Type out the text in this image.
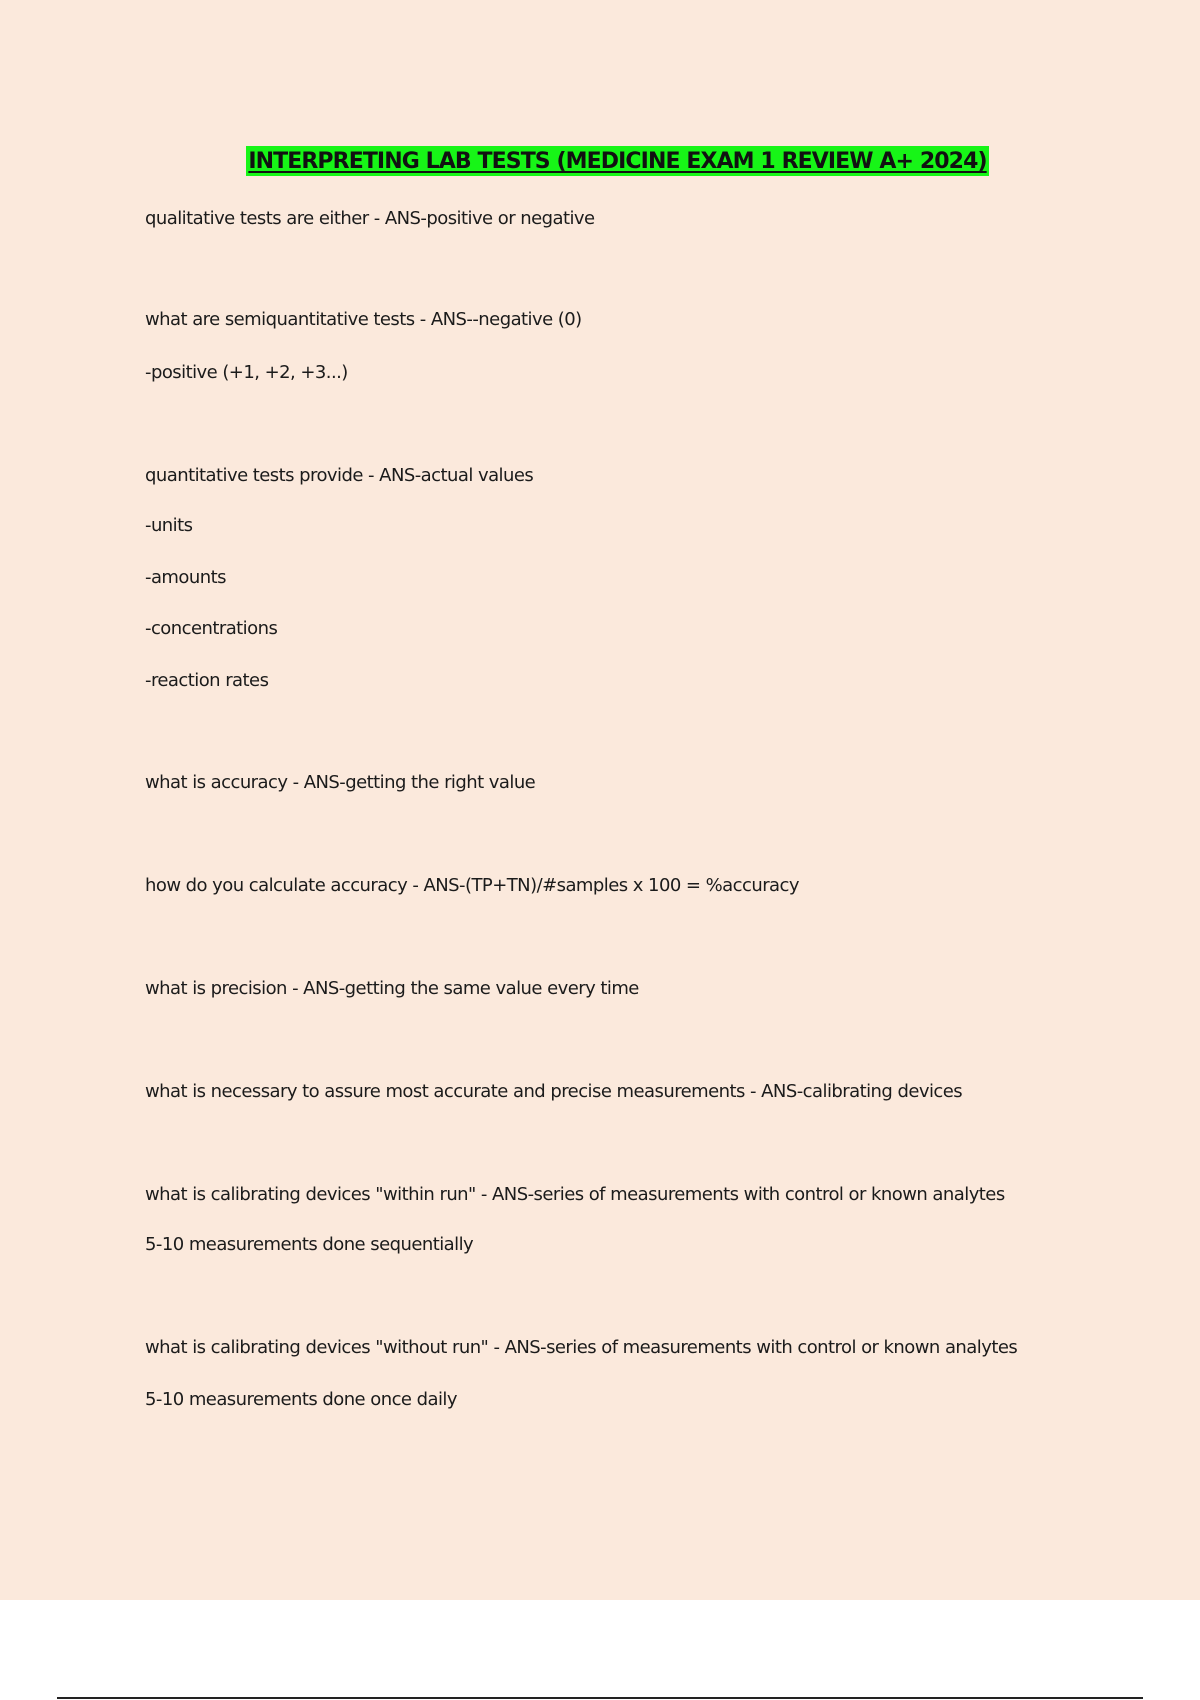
INTERPRETING LAB TESTS (MEDICINE EXAM 1 REVIEW A+ 2024)
qualitative tests are either - ANS-positive or negative
what are semiquantitative tests - ANS--negative (0)
-positive (+1, +2, +3...)
quantitative tests provide - ANS-actual values
-units
-amounts
-concentrations
-reaction rates
what is accuracy - ANS-getting the right value
how do you calculate accuracy - ANS-(TP+TN)/#samples x 100 = %accuracy
what is precision - ANS-getting the same value every time
what is necessary to assure most accurate and precise measurements - ANS-calibrating devices
what is calibrating devices "within run" - ANS-series of measurements with control or known analytes
5-10 measurements done sequentially
what is calibrating devices "without run" - ANS-series of measurements with control or known analytes
5-10 measurements done once daily
